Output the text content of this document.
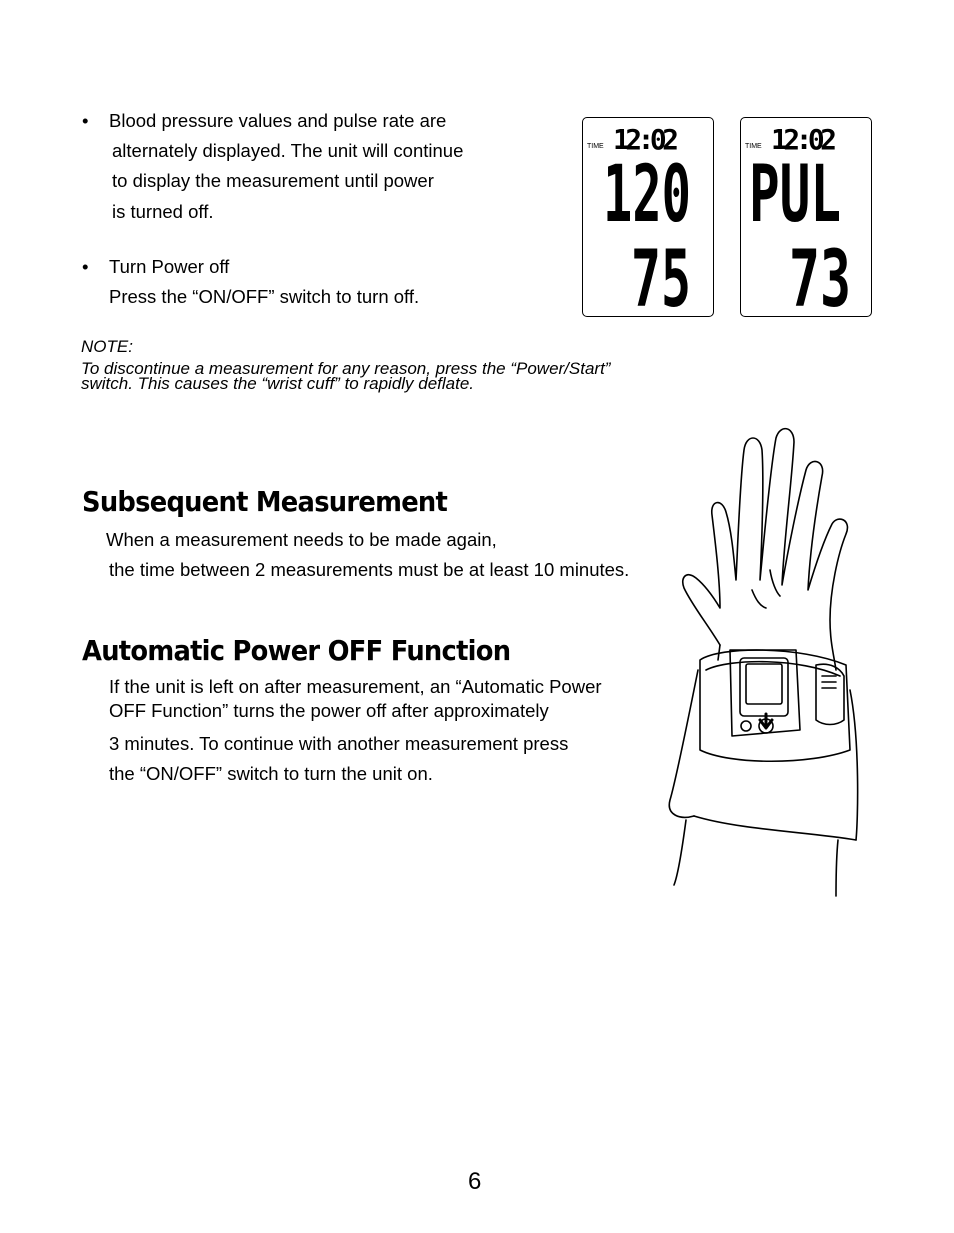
• Blood pressure values and pulse rate are
alternately displayed. The unit will continue
to display the measurement until power
is turned off.
• Turn Power off
Press the “ON/OFF” switch to turn off.
TIME 12:02
120
75
TIME 12:02
PUL
73
NOTE:
To discontinue a measurement for any reason, press the “Power/Start”
switch. This causes the “wrist cuff” to rapidly deflate.
Subsequent Measurement
When a measurement needs to be made again,
the time between 2 measurements must be at least 10 minutes.
Automatic Power OFF Function
If the unit is left on after measurement, an “Automatic Power
OFF Function” turns the power off after approximately
3 minutes. To continue with another measurement press
the “ON/OFF” switch to turn the unit on.
6
